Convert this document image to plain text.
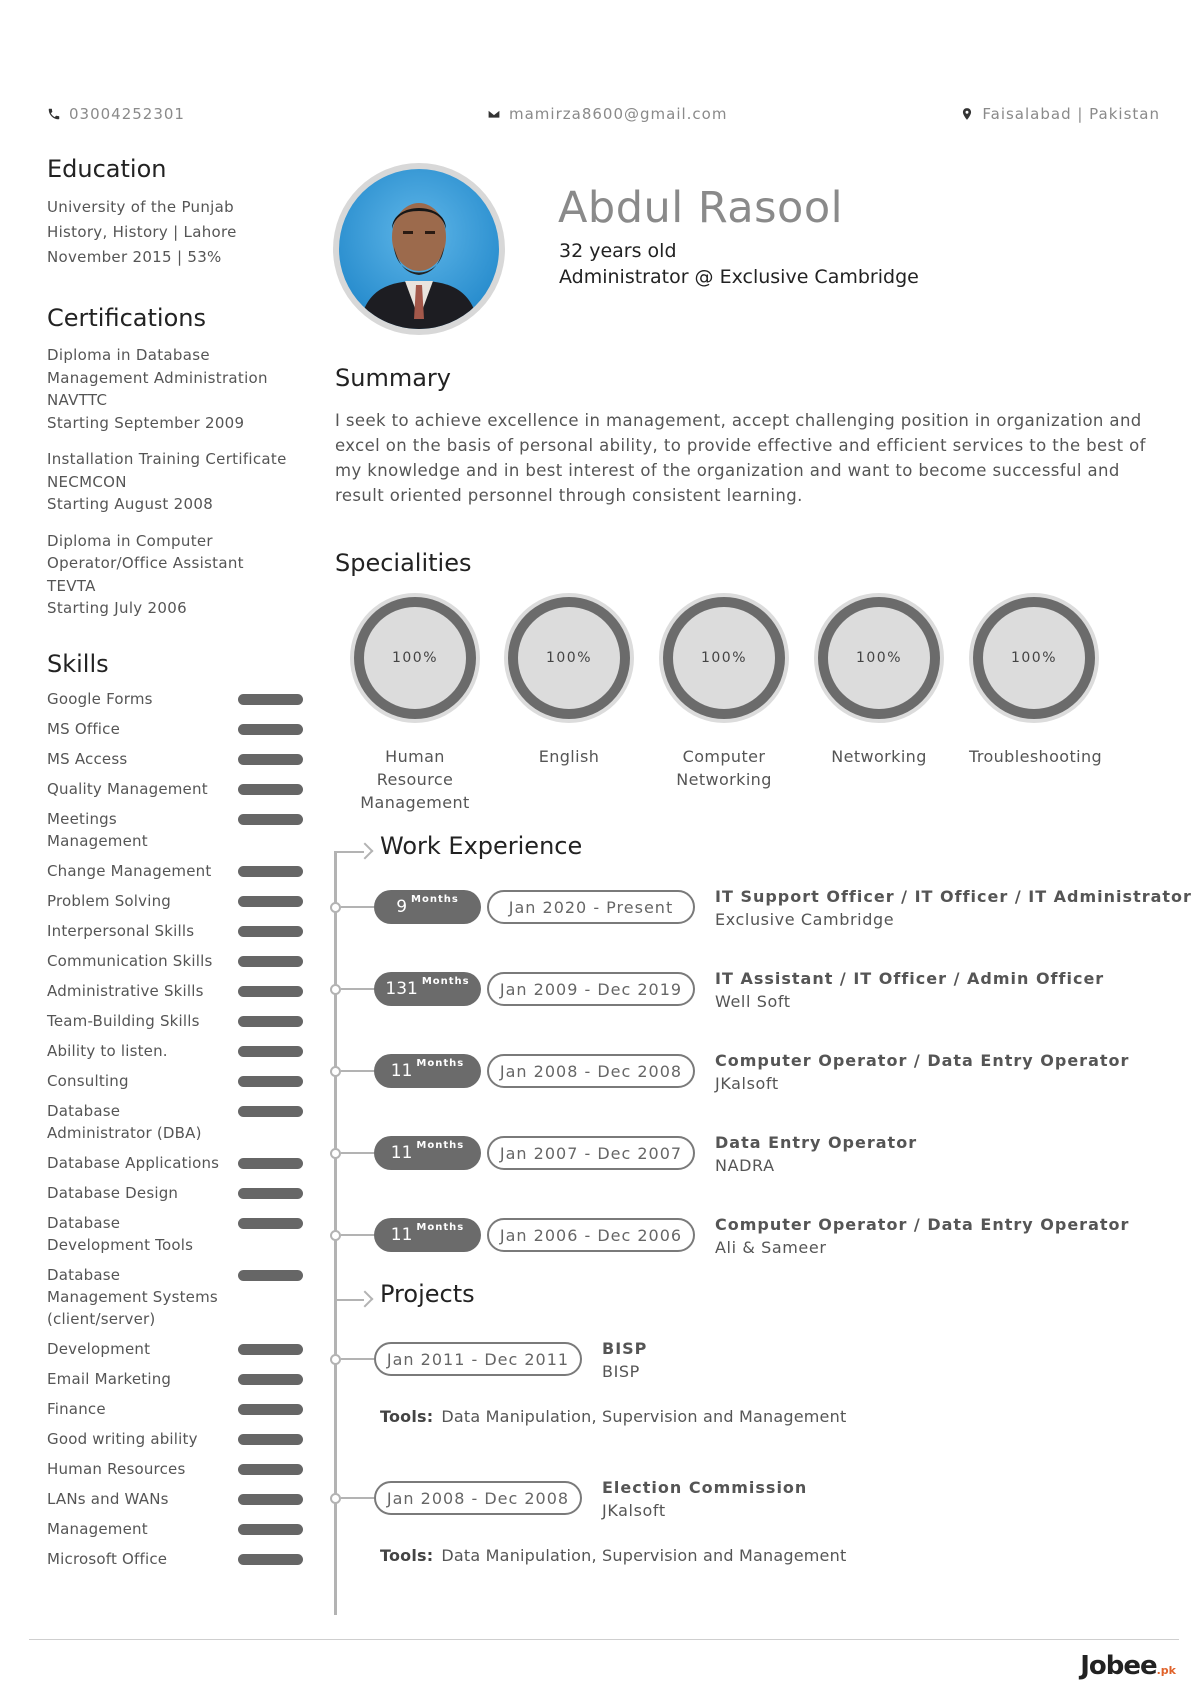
03004252301	mamirza8600@gmail.com	Faisalabad | Pakistan
Education
University of the Punjab
History, History | Lahore
November 2015 | 53%
Certifications
Diploma in Database Management Administration
NAVTTC
Starting September 2009
Installation Training Certificate
NECMCON
Starting August 2008
Diploma in Computer Operator/Office Assistant
TEVTA
Starting July 2006
Skills
Google Forms
MS Office
MS Access
Quality Management
Meetings Management
Change Management
Problem Solving
Interpersonal Skills
Communication Skills
Administrative Skills
Team-Building Skills
Ability to listen.
Consulting
Database Administrator (DBA)
Database Applications
Database Design
Database Development Tools
Database Management Systems (client/server)
Development
Email Marketing
Finance
Good writing ability
Human Resources
LANs and WANs
Management
Microsoft Office
Abdul Rasool
32 years old
Administrator @ Exclusive Cambridge
Summary

I seek to achieve excellence in management, accept challenging position in organization and excel on the basis of personal ability, to provide effective and efficient services to the best of my knowledge and in best interest of the organization and want to become successful and result oriented personnel through consistent learning.

Specialities
100%
Human Resource Management
100%
English
100%
Computer Networking
100%
Networking
100%
Troubleshooting
Work Experience
9 Months	Jan 2020 - Present
IT Support Officer / IT Officer / IT Administrator
Exclusive Cambridge
131 Months	Jan 2009 - Dec 2019
IT Assistant / IT Officer / Admin Officer
Well Soft
11 Months	Jan 2008 - Dec 2008
Computer Operator / Data Entry Operator
JKalsoft
11 Months	Jan 2007 - Dec 2007
Data Entry Operator
NADRA
11 Months	Jan 2006 - Dec 2006
Computer Operator / Data Entry Operator
Ali & Sameer
Projects
Jan 2011 - Dec 2011
BISP
BISP
Tools: Data Manipulation, Supervision and Management
Jan 2008 - Dec 2008
Election Commission
JKalsoft
Tools: Data Manipulation, Supervision and Management
Jobee.pk
